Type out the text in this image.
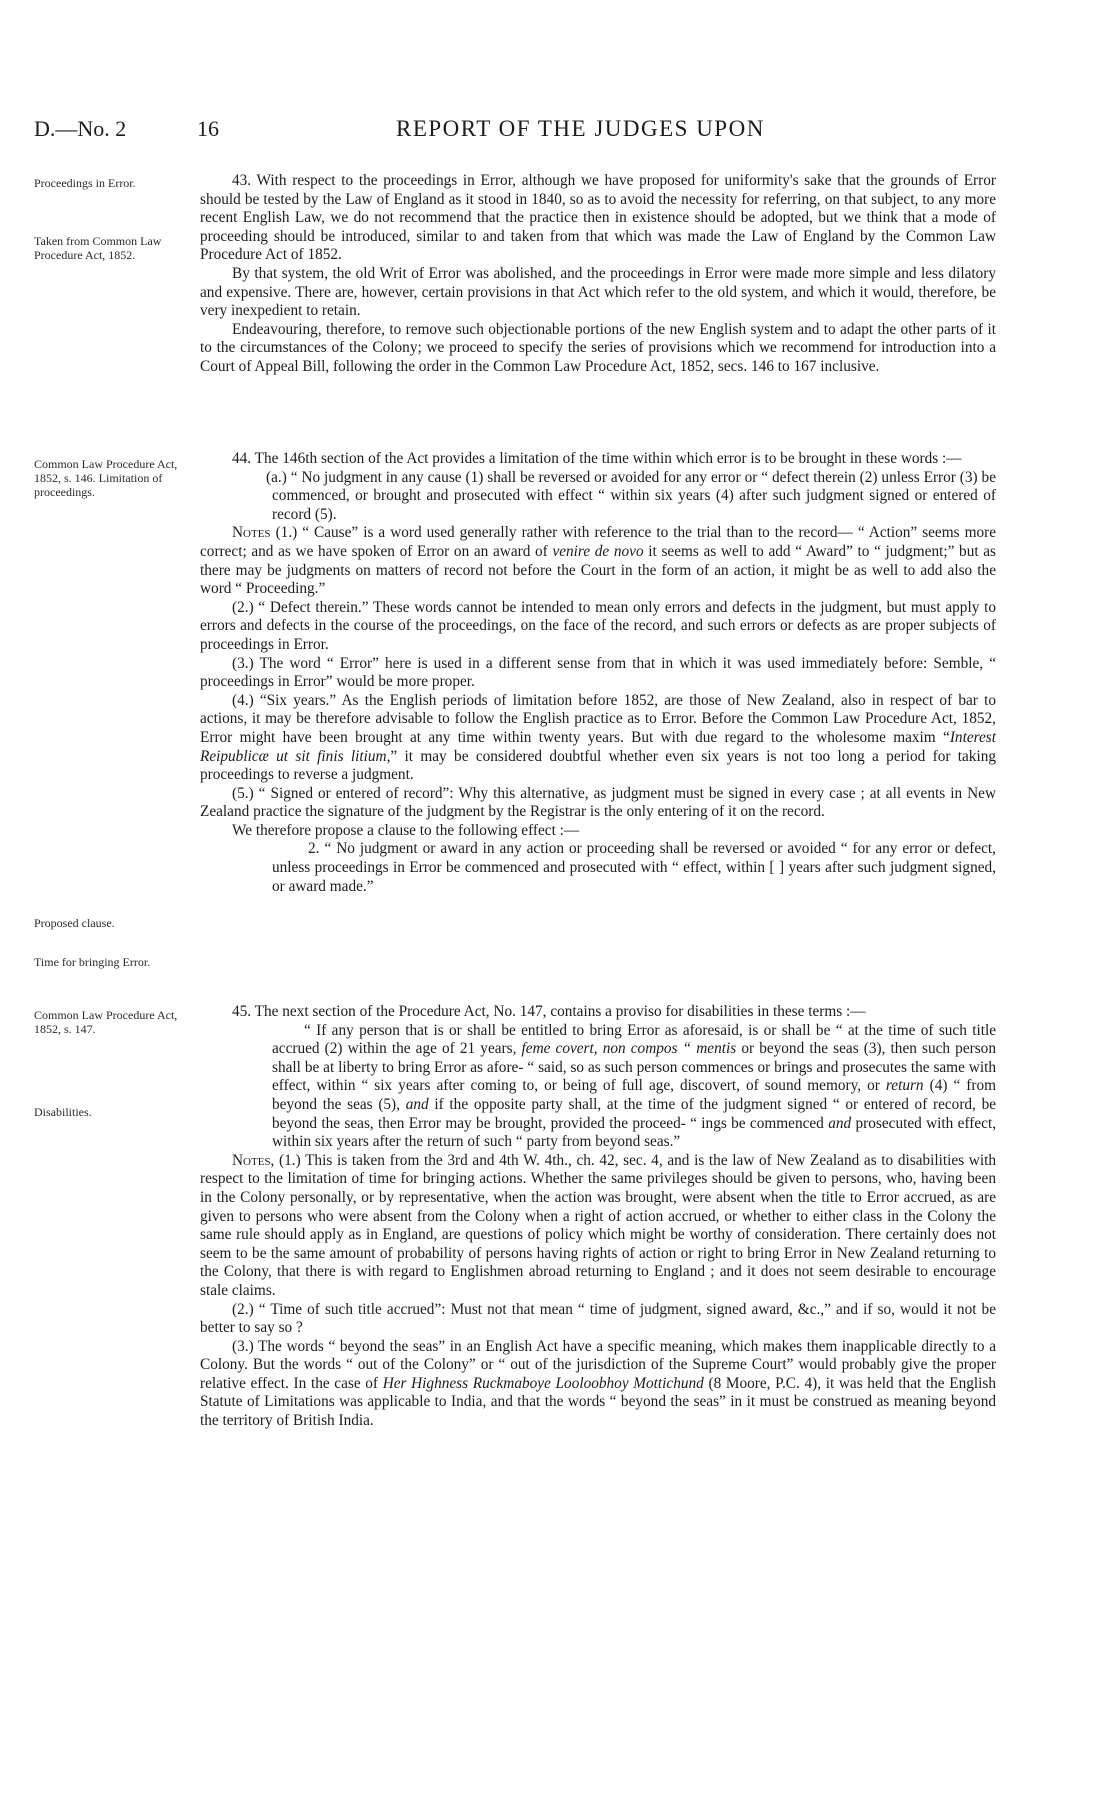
D.—No. 2	16	REPORT OF THE JUDGES UPON
Proceedings in Error.
Taken from Common Law Procedure Act, 1852.
Common Law Procedure Act, 1852, s. 146. Limitation of proceedings.
Proposed clause.
Time for bringing Error.
Common Law Procedure Act, 1852, s. 147.
Disabilities.

43. With respect to the proceedings in Error, although we have proposed for uniformity's sake that the grounds of Error should be tested by the Law of England as it stood in 1840, so as to avoid the necessity for referring, on that subject, to any more recent English Law, we do not recommend that the practice then in existence should be adopted, but we think that a mode of proceeding should be introduced, similar to and taken from that which was made the Law of England by the Common Law Procedure Act of 1852.

By that system, the old Writ of Error was abolished, and the proceedings in Error were made more simple and less dilatory and expensive. There are, however, certain provisions in that Act which refer to the old system, and which it would, therefore, be very inexpedient to retain.

Endeavouring, therefore, to remove such objectionable portions of the new English system and to adapt the other parts of it to the circumstances of the Colony; we proceed to specify the series of provisions which we recommend for introduction into a Court of Appeal Bill, following the order in the Common Law Procedure Act, 1852, secs. 146 to 167 inclusive.

44. The 146th section of the Act provides a limitation of the time within which error is to be brought in these words :—

(a.) “ No judgment in any cause (1) shall be reversed or avoided for any error or “ defect therein (2) unless Error (3) be commenced, or brought and prosecuted with effect “ within six years (4) after such judgment signed or entered of record (5).

Notes (1.) “ Cause” is a word used generally rather with reference to the trial than to the record— “ Action” seems more correct; and as we have spoken of Error on an award of venire de novo it seems as well to add “ Award” to “ judgment;” but as there may be judgments on matters of record not before the Court in the form of an action, it might be as well to add also the word “ Proceeding.”

(2.) “ Defect therein.” These words cannot be intended to mean only errors and defects in the judgment, but must apply to errors and defects in the course of the proceedings, on the face of the record, and such errors or defects as are proper subjects of proceedings in Error.

(3.) The word “ Error” here is used in a different sense from that in which it was used immediately before: Semble, “ proceedings in Error” would be more proper.

(4.) “Six years.” As the English periods of limitation before 1852, are those of New Zealand, also in respect of bar to actions, it may be therefore advisable to follow the English practice as to Error. Before the Common Law Procedure Act, 1852, Error might have been brought at any time within twenty years. But with due regard to the wholesome maxim “Interest Reipublicæ ut sit finis litium,” it may be considered doubtful whether even six years is not too long a period for taking proceedings to reverse a judgment.

(5.) “ Signed or entered of record”: Why this alternative, as judgment must be signed in every case ; at all events in New Zealand practice the signature of the judgment by the Registrar is the only entering of it on the record.

We therefore propose a clause to the following effect :—

2. “ No judgment or award in any action or proceeding shall be reversed or avoided “ for any error or defect, unless proceedings in Error be commenced and prosecuted with “ effect, within [ ] years after such judgment signed, or award made.”

45. The next section of the Procedure Act, No. 147, contains a proviso for disabilities in these terms :—

“ If any person that is or shall be entitled to bring Error as aforesaid, is or shall be “ at the time of such title accrued (2) within the age of 21 years, feme covert, non compos “ mentis or beyond the seas (3), then such person shall be at liberty to bring Error as afore- “ said, so as such person commences or brings and prosecutes the same with effect, within “ six years after coming to, or being of full age, discovert, of sound memory, or return (4) “ from beyond the seas (5), and if the opposite party shall, at the time of the judgment signed “ or entered of record, be beyond the seas, then Error may be brought, provided the proceed- “ ings be commenced and prosecuted with effect, within six years after the return of such “ party from beyond seas.”

Notes, (1.) This is taken from the 3rd and 4th W. 4th., ch. 42, sec. 4, and is the law of New Zealand as to disabilities with respect to the limitation of time for bringing actions. Whether the same privileges should be given to persons, who, having been in the Colony personally, or by representative, when the action was brought, were absent when the title to Error accrued, as are given to persons who were absent from the Colony when a right of action accrued, or whether to either class in the Colony the same rule should apply as in England, are questions of policy which might be worthy of consideration. There certainly does not seem to be the same amount of probability of persons having rights of action or right to bring Error in New Zealand returning to the Colony, that there is with regard to Englishmen abroad returning to England ; and it does not seem desirable to encourage stale claims.

(2.) “ Time of such title accrued”: Must not that mean “ time of judgment, signed award, &c.,” and if so, would it not be better to say so ?

(3.) The words “ beyond the seas” in an English Act have a specific meaning, which makes them inapplicable directly to a Colony. But the words “ out of the Colony” or “ out of the jurisdiction of the Supreme Court” would probably give the proper relative effect. In the case of Her Highness Ruckmaboye Looloobhoy Mottichund (8 Moore, P.C. 4), it was held that the English Statute of Limitations was applicable to India, and that the words “ beyond the seas” in it must be construed as meaning beyond the territory of British India.
